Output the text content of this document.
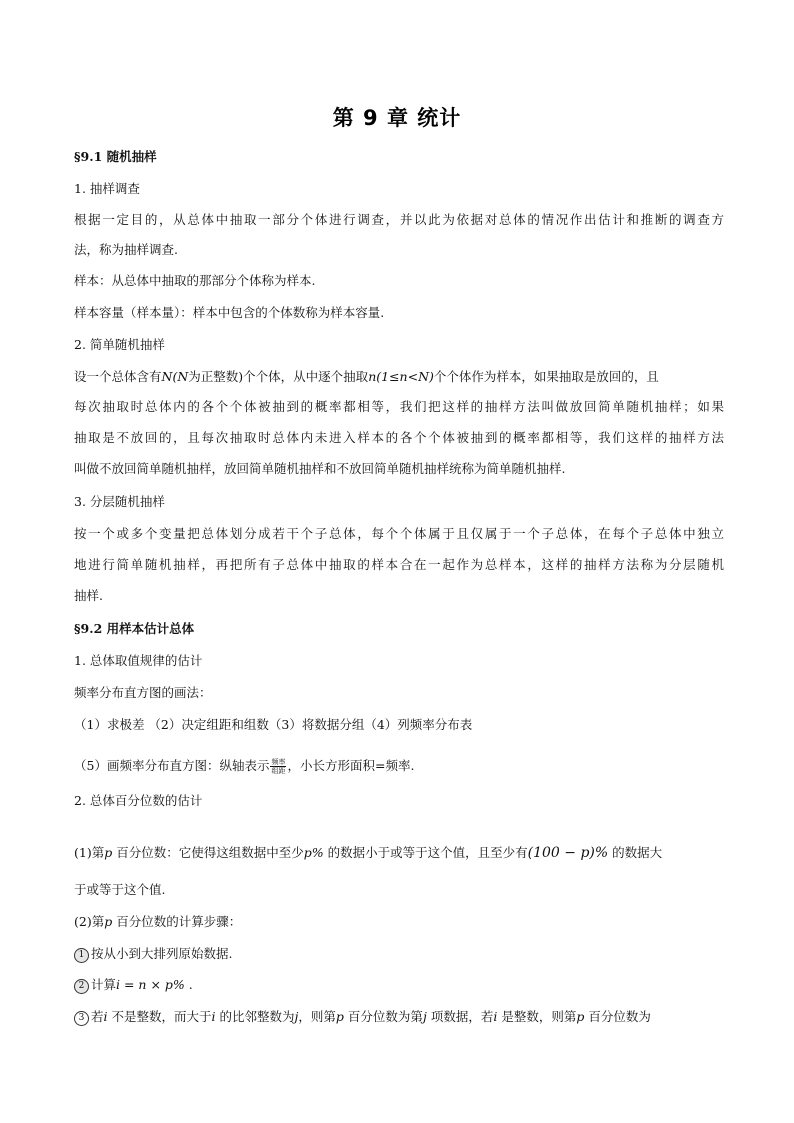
第 9 章 统计
§9.1 随机抽样
1. 抽样调查
根据一定目的，从总体中抽取一部分个体进行调查，并以此为依据对总体的情况作出估计和推断的调查方
法，称为抽样调查.
样本：从总体中抽取的那部分个体称为样本.
样本容量（样本量）：样本中包含的个体数称为样本容量.
2. 简单随机抽样
设一个总体含有N(N为正整数)个个体，从中逐个抽取n(1≤n<N)个个体作为样本，如果抽取是放回的，且
每次抽取时总体内的各个个体被抽到的概率都相等，我们把这样的抽样方法叫做放回简单随机抽样；如果
抽取是不放回的，且每次抽取时总体内未进入样本的各个个体被抽到的概率都相等，我们这样的抽样方法
叫做不放回简单随机抽样，放回简单随机抽样和不放回简单随机抽样统称为简单随机抽样.
3. 分层随机抽样
按一个或多个变量把总体划分成若干个子总体，每个个体属于且仅属于一个子总体，在每个子总体中独立
地进行简单随机抽样，再把所有子总体中抽取的样本合在一起作为总样本，这样的抽样方法称为分层随机
抽样.
§9.2 用样本估计总体
1. 总体取值规律的估计
频率分布直方图的画法：
（1）求极差 （2）决定组距和组数（3）将数据分组（4）列频率分布表
（5）画频率分布直方图：纵轴表示 $\frac{\text{频率}}{\text{组距}}$ ，小长方形面积=频率.
2. 总体百分位数的估计
(1)第p 百分位数：它使得这组数据中至少p% 的数据小于或等于这个值，且至少有(100 − p)% 的数据大
于或等于这个值.
(2)第p 百分位数的计算步骤：
1 按从小到大排列原始数据.
2 计算i = n × p% .
3 若i 不是整数，而大于i 的比邻整数为j，则第p 百分位数为第j 项数据，若i 是整数，则第p 百分位数为
